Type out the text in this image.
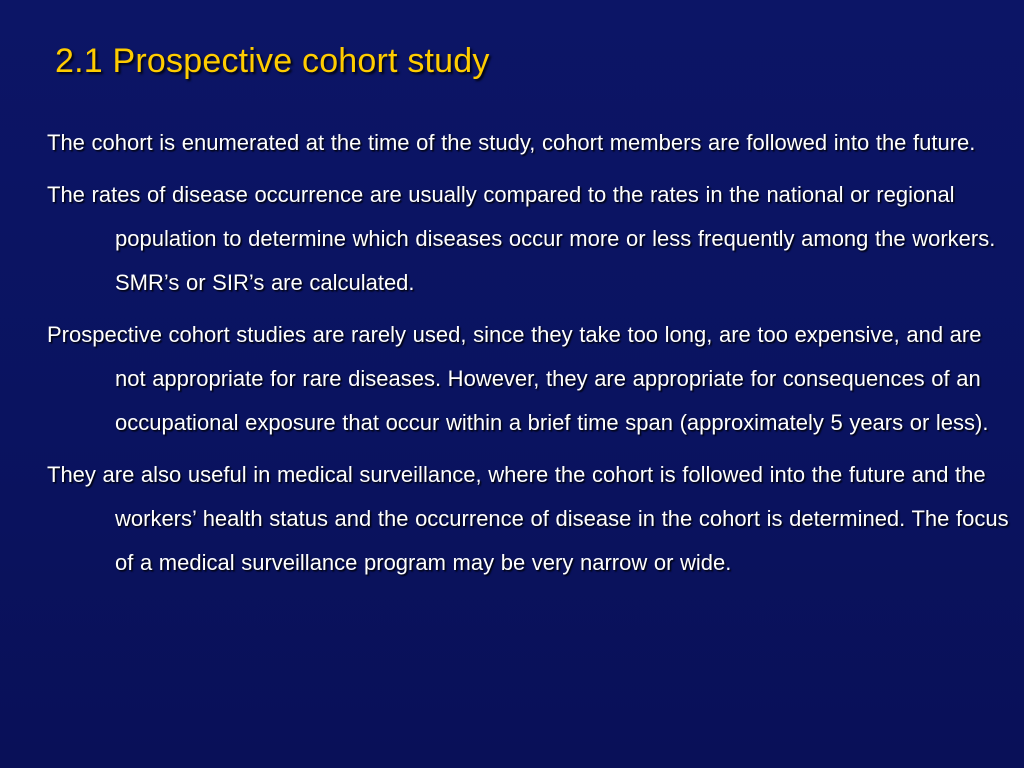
2.1 Prospective cohort study

The cohort is enumerated at the time of the study, cohort members are followed into the future.

The rates of disease occurrence are usually compared to the rates in the national or regional population to determine which diseases occur more or less frequently among the workers. SMR’s or SIR’s are calculated.

Prospective cohort studies are rarely used, since they take too long, are too expensive, and are not appropriate for rare diseases. However, they are appropriate for consequences of an occupational exposure that occur within a brief time span (approximately 5 years or less).

They are also useful in medical surveillance, where the cohort is followed into the future and the workers’ health status and the occurrence of disease in the cohort is determined. The focus of a medical surveillance program may be very narrow or wide.
